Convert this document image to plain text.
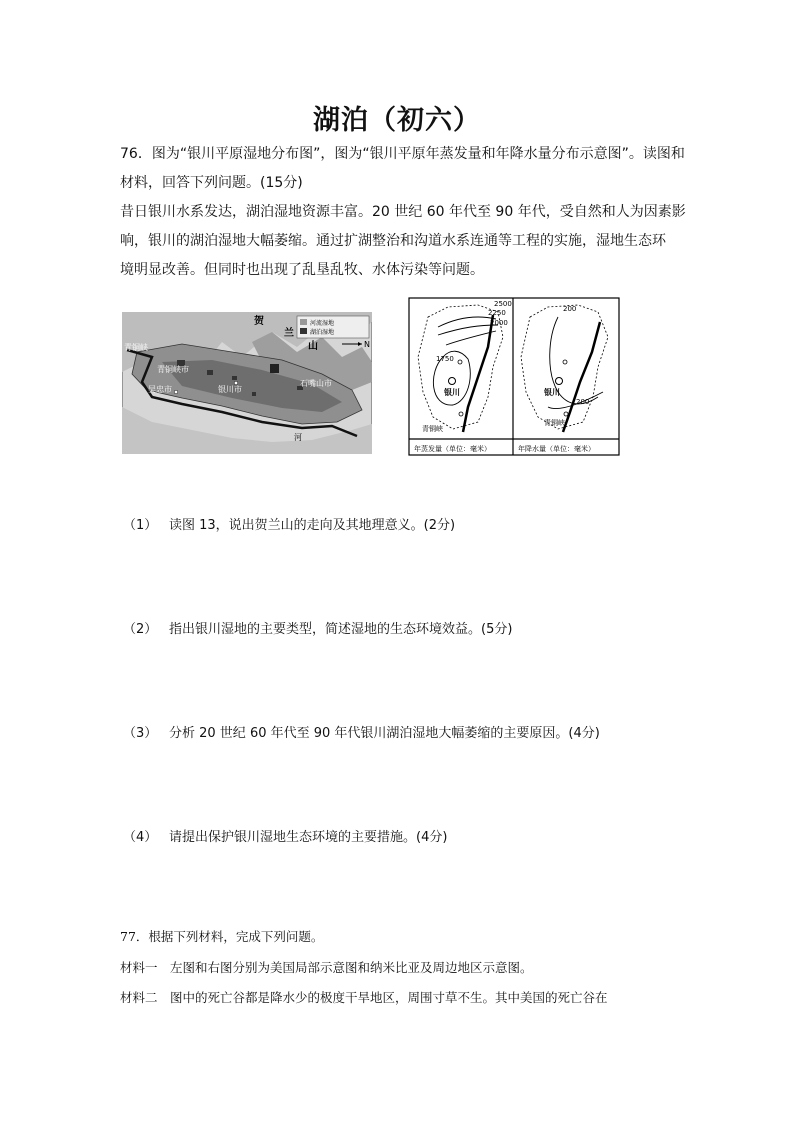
湖泊（初六）
76．图为“银川平原湿地分布图”，图为“银川平原年蒸发量和年降水量分布示意图”。读图和
材料，回答下列问题。(15分)
昔日银川水系发达，湖泊湿地资源丰富。20 世纪 60 年代至 90 年代，受自然和人为因素影
响，银川的湖泊湿地大幅萎缩。通过扩湖整治和沟道水系连通等工程的实施，湿地生态环
境明显改善。但同时也出现了乱垦乱牧、水体污染等问题。
河流湿地
湖泊湿地
N
贺
兰
山
青铜峡
青铜峡市
银川市
石嘴山市
吴忠市
河
2500
2250
2000
1750
银川
青铜峡
年蒸发量（单位：毫米）
200
200
银川
青铜峡
年降水量（单位：毫米）
（1） 读图 13，说出贺兰山的走向及其地理意义。(2分)
（2） 指出银川湿地的主要类型，简述湿地的生态环境效益。(5分)
（3） 分析 20 世纪 60 年代至 90 年代银川湖泊湿地大幅萎缩的主要原因。(4分)
（4） 请提出保护银川湿地生态环境的主要措施。(4分)
77．根据下列材料，完成下列问题。
材料一　左图和右图分别为美国局部示意图和纳米比亚及周边地区示意图。
材料二　图中的死亡谷都是降水少的极度干旱地区，周围寸草不生。其中美国的死亡谷在
